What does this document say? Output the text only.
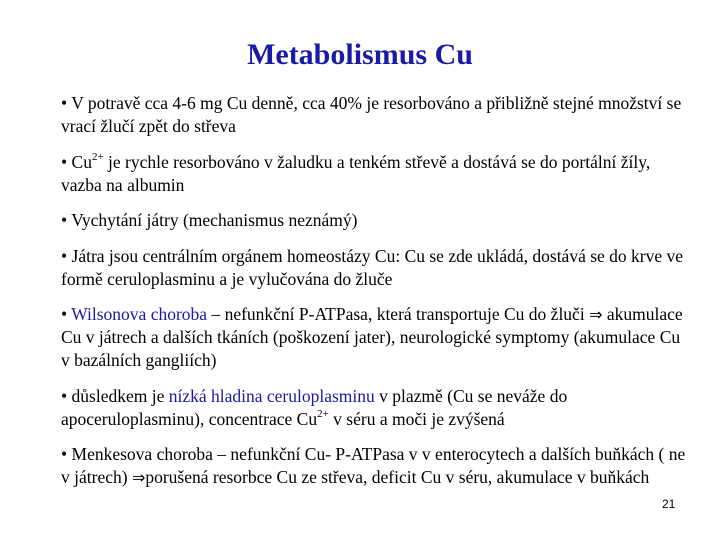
Metabolismus Cu
• V potravě cca 4-6 mg Cu denně, cca 40% je resorbováno a přibližně stejné množství se vrací žlučí zpět do střeva
• $Cu^{2+}$ je rychle resorbováno v žaludku a tenkém střevě a dostává se do portální žíly, vazba na albumin
• Vychytání játry (mechanismus neznámý)
• Játra jsou centrálním orgánem homeostázy Cu: Cu se zde ukládá, dostává se do krve ve formě ceruloplasminu a je vylučována do žluče
• Wilsonova choroba – nefunkční P-ATPasa, která transportuje Cu do žluči ⇒ akumulace Cu v játrech a dalších tkáních (poškození jater), neurologické symptomy (akumulace Cu v bazálních gangliích)
• důsledkem je nízká hladina ceruloplasminu v plazmě (Cu se neváže do apoceruloplasminu), concentrace $Cu^{2+}$ v séru a moči je zvýšená
• Menkesova choroba – nefunkční Cu- P-ATPasa v v enterocytech a dalších buňkách ( ne v játrech) ⇒porušená resorbce Cu ze střeva, deficit Cu v séru, akumulace v buňkách
21
